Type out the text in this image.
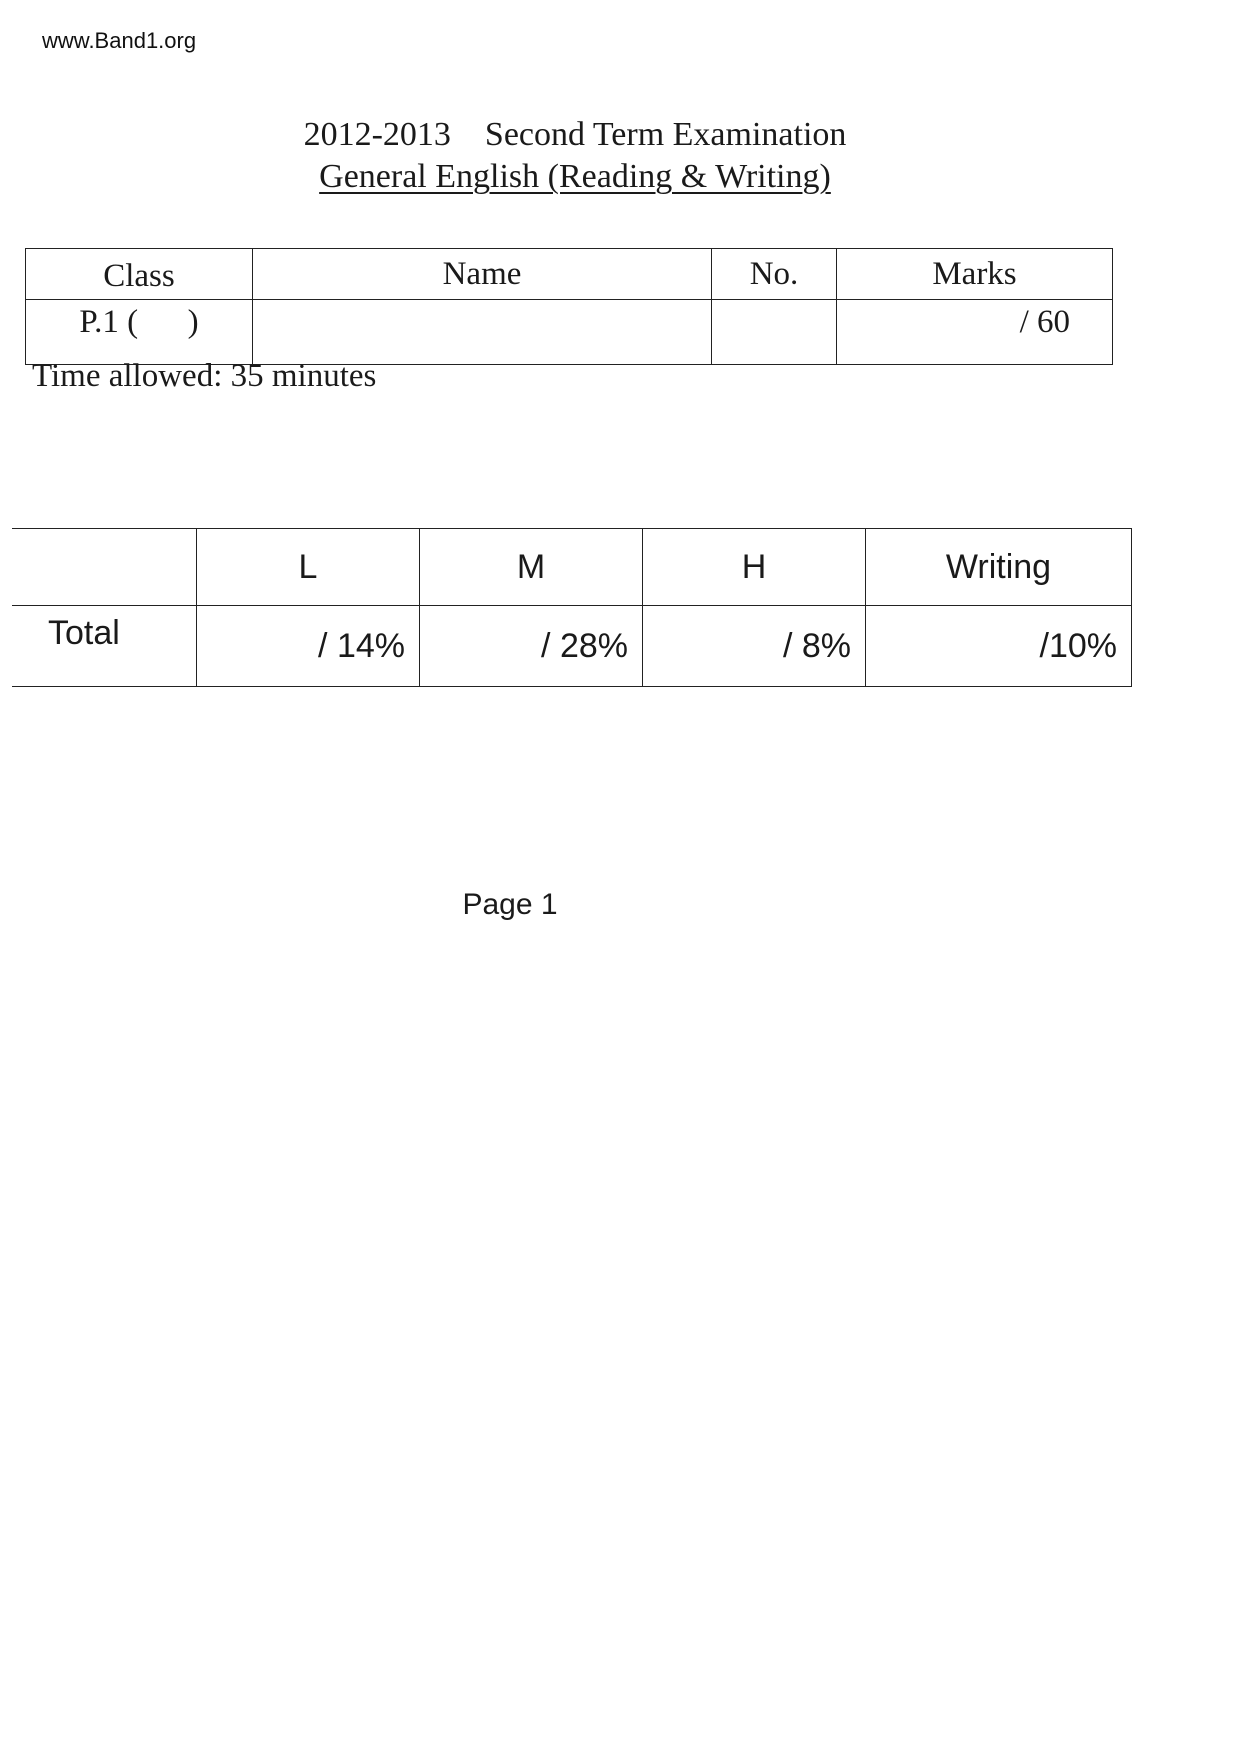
www.Band1.org
2012-2013 Second Term Examination
General English (Reading & Writing)
Class	Name	No.	Marks
P.1 (      )			/ 60
Time allowed: 35 minutes
	L	M	H	Writing
Total	/ 14%	/ 28%	/ 8%	/10%
Page 1
